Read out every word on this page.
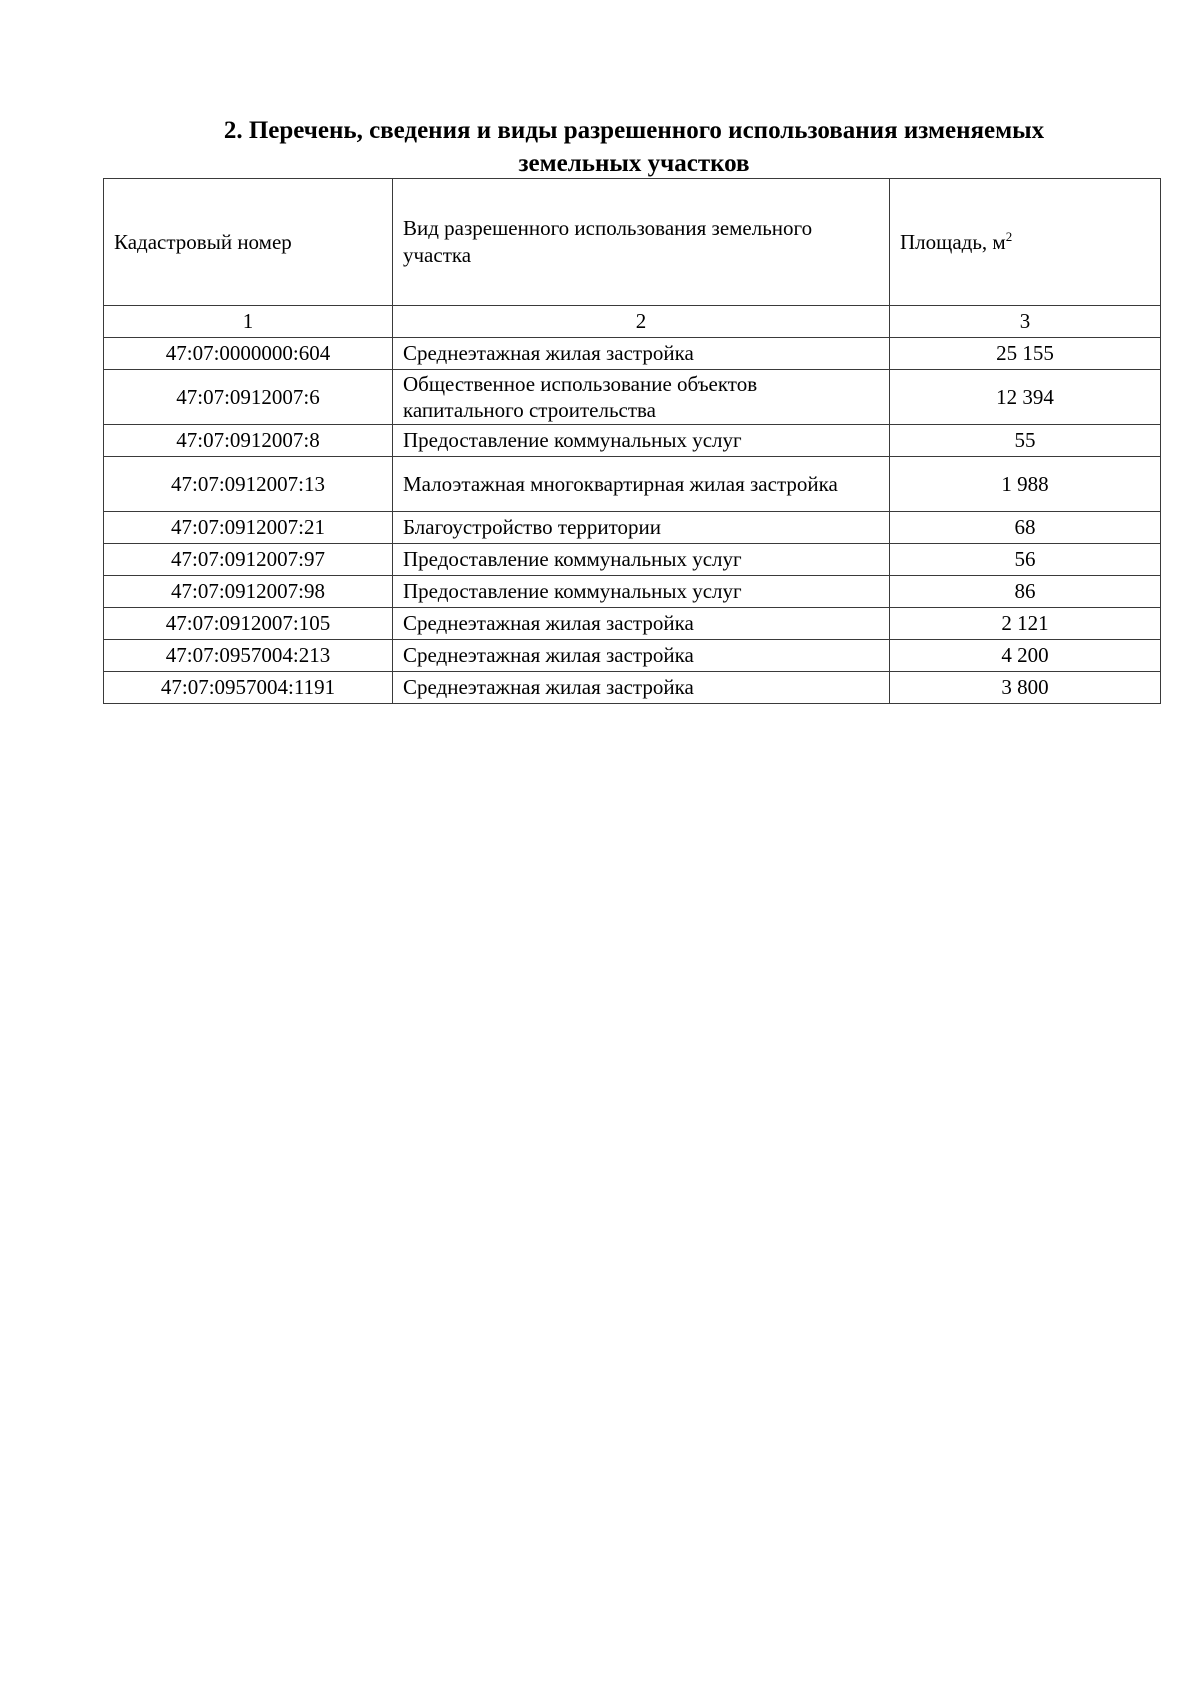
2. Перечень, сведения и виды разрешенного использования изменяемых
земельных участков
Кадастровый номер	Вид разрешенного использования земельного участка	Площадь, $м^2$
1	2	3
47:07:0000000:604	Среднеэтажная жилая застройка	25 155
47:07:0912007:6	Общественное использование объектов капитального строительства	12 394
47:07:0912007:8	Предоставление коммунальных услуг	55
47:07:0912007:13	Малоэтажная многоквартирная жилая застройка	1 988
47:07:0912007:21	Благоустройство территории	68
47:07:0912007:97	Предоставление коммунальных услуг	56
47:07:0912007:98	Предоставление коммунальных услуг	86
47:07:0912007:105	Среднеэтажная жилая застройка	2 121
47:07:0957004:213	Среднеэтажная жилая застройка	4 200
47:07:0957004:1191	Среднеэтажная жилая застройка	3 800
